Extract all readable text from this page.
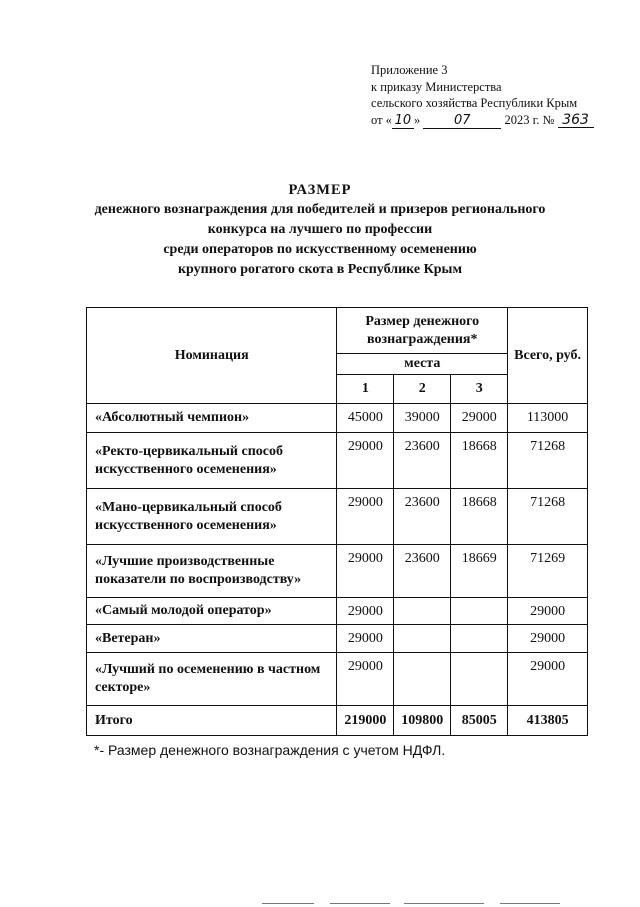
Приложение 3
к приказу Министерства
сельского хозяйства Республики Крым
от « 10 »	07	2023 г. № 363
РАЗМЕР
денежного вознаграждения для победителей и призеров регионального
конкурса на лучшего по профессии
среди операторов по искусственному осеменению
крупного рогатого скота в Республике Крым
Номинация	Размер денежного вознаграждения*			Всего, руб.
	места			
	1	2	3	
«Абсолютный чемпион»	45000	39000	29000	113000
«Ректо-цервикальный способ искусственного осеменения»	29000	23600	18668	71268
«Мано-цервикальный способ искусственного осеменения»	29000	23600	18668	71268
«Лучшие производственные показатели по воспроизводству»	29000	23600	18669	71269
«Самый молодой оператор»	29000			29000
«Ветеран»	29000			29000
«Лучший по осеменению в частном секторе»	29000			29000
Итого	219000	109800	85005	413805
*- Размер денежного вознаграждения с учетом НДФЛ.
